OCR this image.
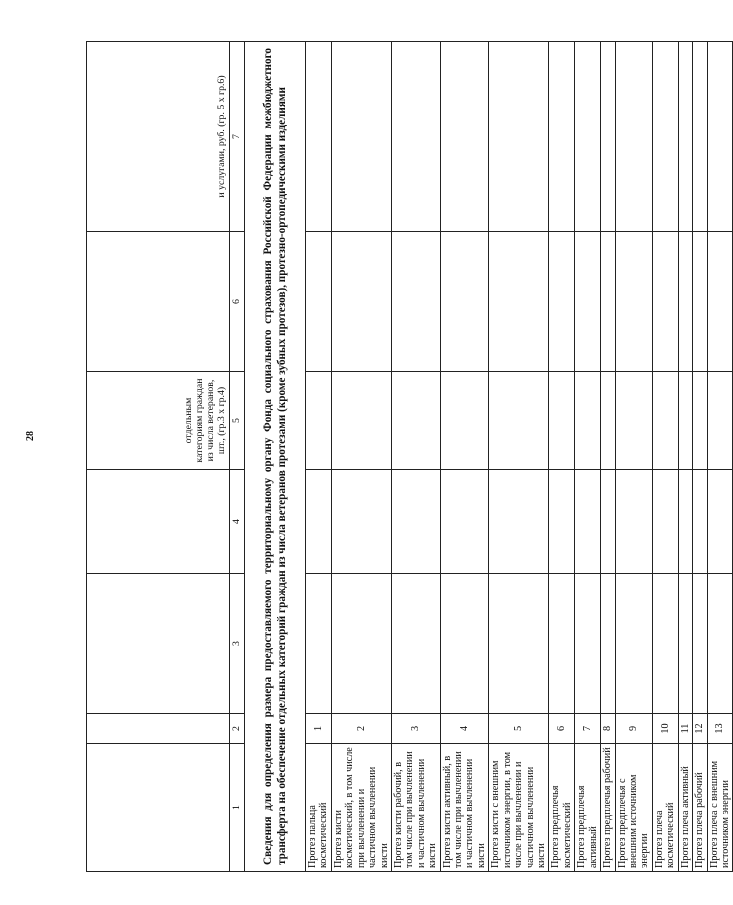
28
					отдельным категориям граждан из числа ветеранов, шт., (гр.3 х гр.4)		и услугами, руб. (гр. 5 х гр.6)
1	2	3	4	5	6	7
Сведения для определения размера предоставляемого территориальному органу Фонда социального страхования Российской Федерации межбюджетного трансферта на обеспечение отдельных категорий граждан из числа ветеранов протезами (кроме зубных протезов), протезно-ортопедическими изделиями						
Протез пальца косметический	1					
Протез кисти косметический, в том числе при вычленении и частичном вычленении кисти	2					
Протез кисти рабочий, в том числе при вычленении и частичном вычленении кисти	3					
Протез кисти активный, в том числе при вычленении и частичном вычленении кисти	4					
Протез кисти с внешним источником энергии, в том числе при вычленении и частичном вычленении кисти	5					
Протез предплечья косметический	6					
Протез предплечья активный	7					
Протез предплечья рабочий	8					
Протез предплечья с внешним источником энергии	9					
Протез плеча косметический	10					
Протез плеча активный	11					
Протез плеча рабочий	12					
Протез плеча с внешним источником энергии	13					
